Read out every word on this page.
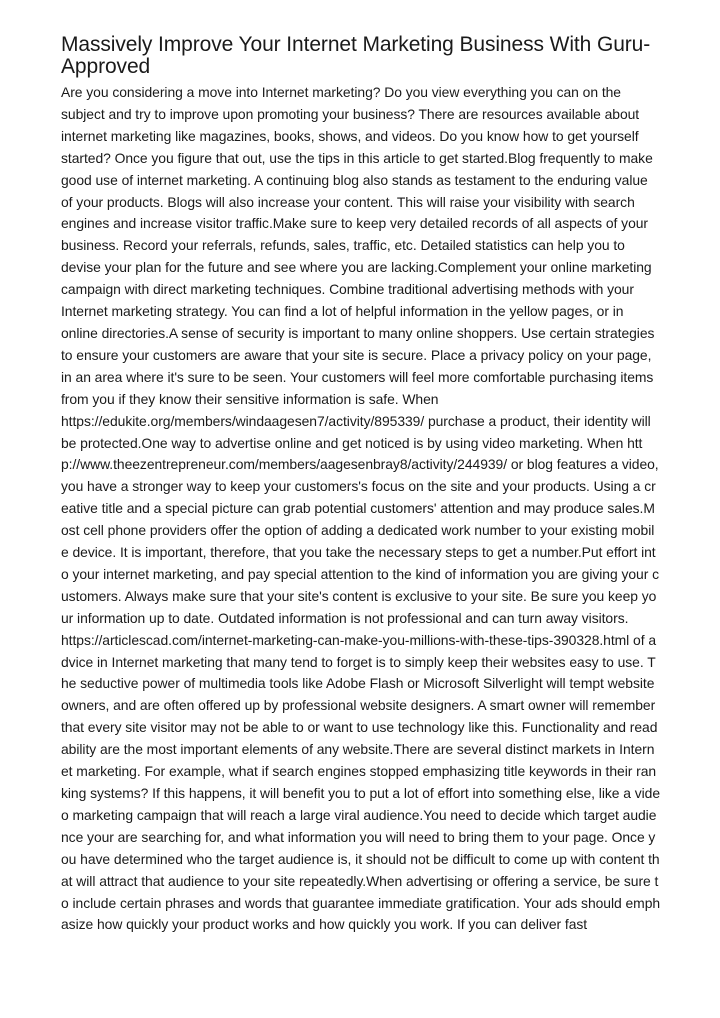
Massively Improve Your Internet Marketing Business With Guru-Approved
Are you considering a move into Internet marketing? Do you view everything you can on the subject and try to improve upon promoting your business? There are resources available about internet marketing like magazines, books, shows, and videos. Do you know how to get yourself started? Once you figure that out, use the tips in this article to get started.Blog frequently to make good use of internet marketing. A continuing blog also stands as testament to the enduring value of your products. Blogs will also increase your content. This will raise your visibility with search engines and increase visitor traffic.Make sure to keep very detailed records of all aspects of your business. Record your referrals, refunds, sales, traffic, etc. Detailed statistics can help you to devise your plan for the future and see where you are lacking.Complement your online marketing campaign with direct marketing techniques. Combine traditional advertising methods with your Internet marketing strategy. You can find a lot of helpful information in the yellow pages, or in online directories.A sense of security is important to many online shoppers. Use certain strategies to ensure your customers are aware that your site is secure. Place a privacy policy on your page, in an area where it's sure to be seen. Your customers will feel more comfortable purchasing items from you if they know their sensitive information is safe. When
https://edukite.org/members/windaagesen7/activity/895339/ purchase a product, their identity will be protected.One way to advertise online and get noticed is by using video marketing. When http://www.theezentrepreneur.com/members/aagesenbray8/activity/244939/ or blog features a video, you have a stronger way to keep your customers's focus on the site and your products. Using a creative title and a special picture can grab potential customers' attention and may produce sales.Most cell phone providers offer the option of adding a dedicated work number to your existing mobile device. It is important, therefore, that you take the necessary steps to get a number.Put effort into your internet marketing, and pay special attention to the kind of information you are giving your customers. Always make sure that your site's content is exclusive to your site. Be sure you keep your information up to date. Outdated information is not professional and can turn away visitors.
https://articlescad.com/internet-marketing-can-make-you-millions-with-these-tips-390328.html of advice in Internet marketing that many tend to forget is to simply keep their websites easy to use. The seductive power of multimedia tools like Adobe Flash or Microsoft Silverlight will tempt website owners, and are often offered up by professional website designers. A smart owner will remember that every site visitor may not be able to or want to use technology like this. Functionality and readability are the most important elements of any website.There are several distinct markets in Internet marketing. For example, what if search engines stopped emphasizing title keywords in their ranking systems? If this happens, it will benefit you to put a lot of effort into something else, like a video marketing campaign that will reach a large viral audience.You need to decide which target audience your are searching for, and what information you will need to bring them to your page. Once you have determined who the target audience is, it should not be difficult to come up with content that will attract that audience to your site repeatedly.When advertising or offering a service, be sure to include certain phrases and words that guarantee immediate gratification. Your ads should emphasize how quickly your product works and how quickly you work. If you can deliver fast
